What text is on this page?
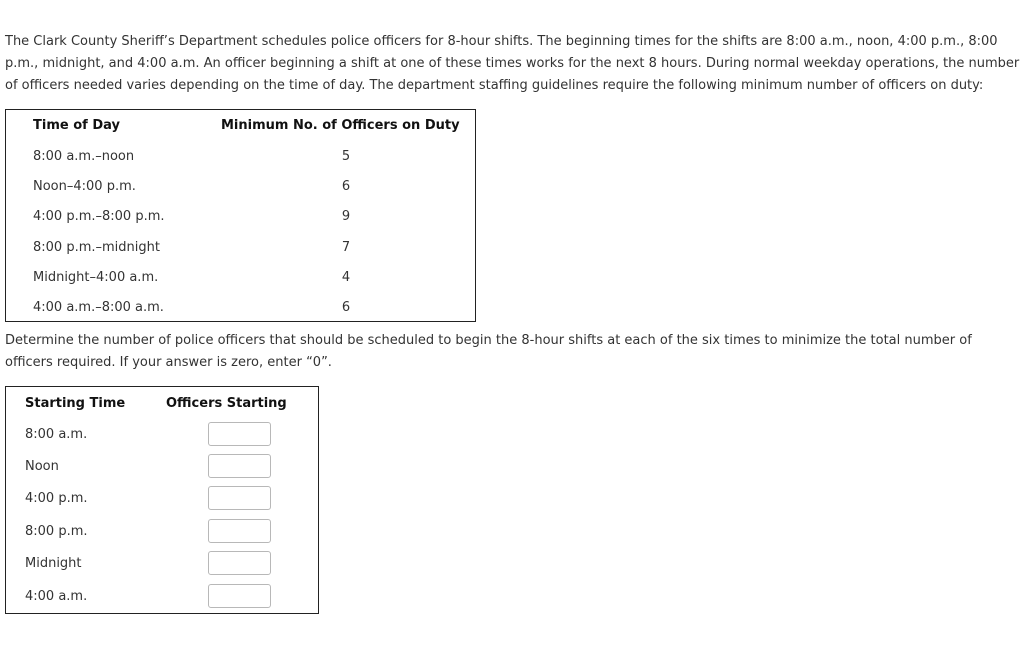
The Clark County Sheriff’s Department schedules police officers for 8-hour shifts. The beginning times for the shifts are 8:00 a.m., noon, 4:00 p.m., 8:00 p.m., midnight, and 4:00 a.m. An officer beginning a shift at one of these times works for the next 8 hours. During normal weekday operations, the number of officers needed varies depending on the time of day. The department staffing guidelines require the following minimum number of officers on duty:

Time of Day	Minimum No. of Officers on Duty
8:00 a.m.–noon	5
Noon–4:00 p.m.	6
4:00 p.m.–8:00 p.m.	9
8:00 p.m.–midnight	7
Midnight–4:00 a.m.	4
4:00 a.m.–8:00 a.m.	6

Determine the number of police officers that should be scheduled to begin the 8-hour shifts at each of the six times to minimize the total number of officers required. If your answer is zero, enter “0”.

Starting Time	Officers Starting
8:00 a.m.
Noon
4:00 p.m.
8:00 p.m.
Midnight
4:00 a.m.
